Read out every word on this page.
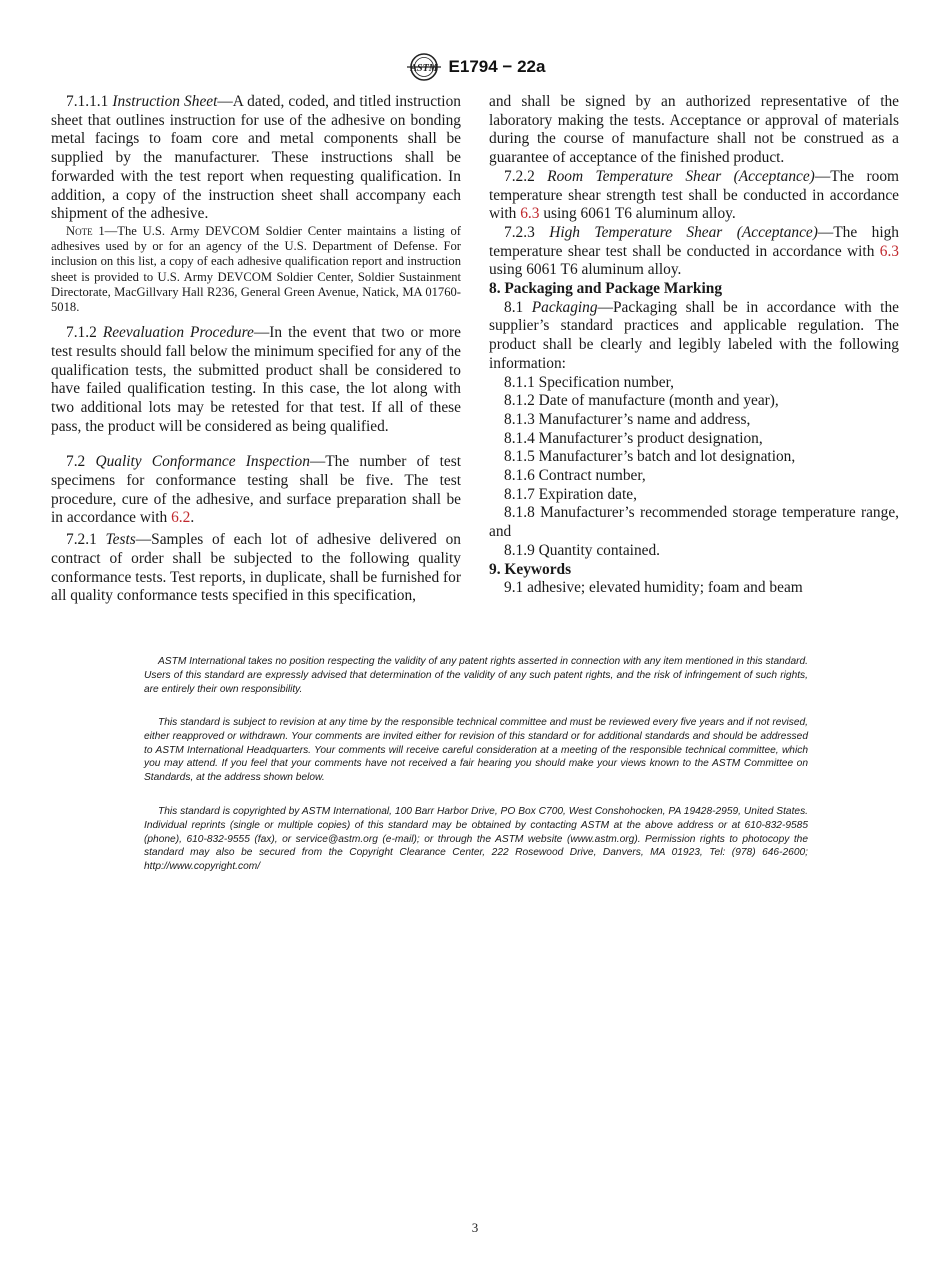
ASTM E1794 − 22a

7.1.1.1 Instruction Sheet—A dated, coded, and titled instruction sheet that outlines instruction for use of the adhesive on bonding metal facings to foam core and metal components shall be supplied by the manufacturer. These instructions shall be forwarded with the test report when requesting qualification. In addition, a copy of the instruction sheet shall accompany each shipment of the adhesive.

Note 1—The U.S. Army DEVCOM Soldier Center maintains a listing of adhesives used by or for an agency of the U.S. Department of Defense. For inclusion on this list, a copy of each adhesive qualification report and instruction sheet is provided to U.S. Army DEVCOM Soldier Center, Soldier Sustainment Directorate, MacGillvary Hall R236, General Green Avenue, Natick, MA 01760-5018.

7.1.2 Reevaluation Procedure—In the event that two or more test results should fall below the minimum specified for any of the qualification tests, the submitted product shall be considered to have failed qualification testing. In this case, the lot along with two additional lots may be retested for that test. If all of these pass, the product will be considered as being qualified.

7.2 Quality Conformance Inspection—The number of test specimens for conformance testing shall be five. The test procedure, cure of the adhesive, and surface preparation shall be in accordance with 6.2.

7.2.1 Tests—Samples of each lot of adhesive delivered on contract of order shall be subjected to the following quality conformance tests. Test reports, in duplicate, shall be furnished for all quality conformance tests specified in this specification,

and shall be signed by an authorized representative of the laboratory making the tests. Acceptance or approval of materials during the course of manufacture shall not be construed as a guarantee of acceptance of the finished product.

7.2.2 Room Temperature Shear (Acceptance)—The room temperature shear strength test shall be conducted in accordance with 6.3 using 6061 T6 aluminum alloy.

7.2.3 High Temperature Shear (Acceptance)—The high temperature shear test shall be conducted in accordance with 6.3 using 6061 T6 aluminum alloy.

8. Packaging and Package Marking

8.1 Packaging—Packaging shall be in accordance with the supplier’s standard practices and applicable regulation. The product shall be clearly and legibly labeled with the following information:

8.1.1 Specification number,

8.1.2 Date of manufacture (month and year),

8.1.3 Manufacturer’s name and address,

8.1.4 Manufacturer’s product designation,

8.1.5 Manufacturer’s batch and lot designation,

8.1.6 Contract number,

8.1.7 Expiration date,

8.1.8 Manufacturer’s recommended storage temperature range, and

8.1.9 Quantity contained.

9. Keywords

9.1 adhesive; elevated humidity; foam and beam

ASTM International takes no position respecting the validity of any patent rights asserted in connection with any item mentioned in this standard. Users of this standard are expressly advised that determination of the validity of any such patent rights, and the risk of infringement of such rights, are entirely their own responsibility.
This standard is subject to revision at any time by the responsible technical committee and must be reviewed every five years and if not revised, either reapproved or withdrawn. Your comments are invited either for revision of this standard or for additional standards and should be addressed to ASTM International Headquarters. Your comments will receive careful consideration at a meeting of the responsible technical committee, which you may attend. If you feel that your comments have not received a fair hearing you should make your views known to the ASTM Committee on Standards, at the address shown below.
This standard is copyrighted by ASTM International, 100 Barr Harbor Drive, PO Box C700, West Conshohocken, PA 19428-2959, United States. Individual reprints (single or multiple copies) of this standard may be obtained by contacting ASTM at the above address or at 610-832-9585 (phone), 610-832-9555 (fax), or service@astm.org (e-mail); or through the ASTM website (www.astm.org). Permission rights to photocopy the standard may also be secured from the Copyright Clearance Center, 222 Rosewood Drive, Danvers, MA 01923, Tel: (978) 646-2600; http://www.copyright.com/
3
